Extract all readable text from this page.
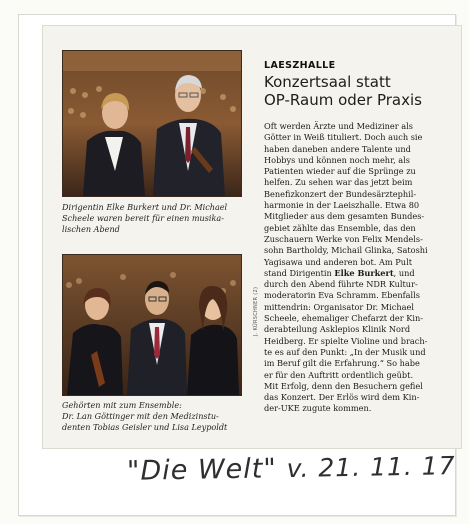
Dirigentin Elke Burkert und Dr. Michael
Scheele waren bereit für einen musika-
lischen Abend
Gehörten mit zum Ensemble:
Dr. Lan Göttinger mit den Medizinstu-
denten Tobias Geisler und Lisa Leypoldt
J. KÜRSCHNER (2)
LAESZHALLE
Konzertsaal statt
OP-Raum oder Praxis
Oft werden Ärzte und Mediziner als
Götter in Weiß tituliert. Doch auch sie
haben daneben andere Talente und
Hobbys und können noch mehr, als
Patienten wieder auf die Sprünge zu
helfen. Zu sehen war das jetzt beim
Benefizkonzert der Bundesärztephil-
harmonie in der Laeiszhalle. Etwa 80
Mitglieder aus dem gesamten Bundes-
gebiet zählte das Ensemble, das den
Zuschauern Werke von Felix Mendels-
sohn Bartholdy, Michail Glinka, Satoshi
Yagisawa und anderen bot. Am Pult
stand Dirigentin Elke Burkert, und
durch den Abend führte NDR Kultur-
moderatorin Eva Schramm. Ebenfalls
mittendrin: Organisator Dr. Michael
Scheele, ehemaliger Chefarzt der Kin-
derabteilung Asklepios Klinik Nord
Heidberg. Er spielte Violine und brach-
te es auf den Punkt: „In der Musik und
im Beruf gilt die Erfahrung.“ So habe
er für den Auftritt ordentlich geübt.
Mit Erfolg, denn den Besuchern gefiel
das Konzert. Der Erlös wird dem Kin-
der-UKE zugute kommen.
"Die Welt" v. 21. 11. 17
